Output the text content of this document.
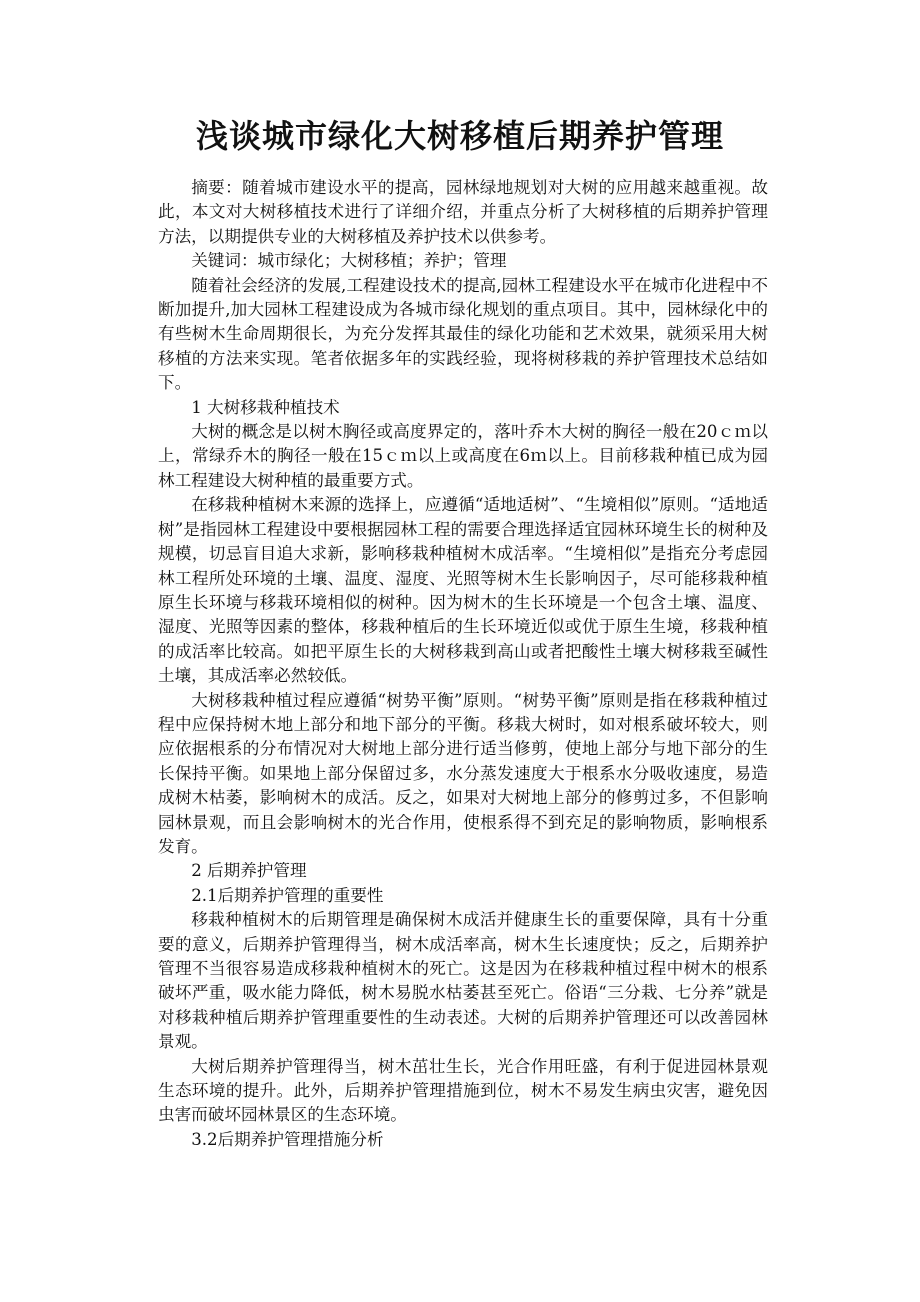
浅谈城市绿化大树移植后期养护管理

摘要：随着城市建设水平的提高，园林绿地规划对大树的应用越来越重视。故此，本文对大树移植技术进行了详细介绍，并重点分析了大树移植的后期养护管理方法，以期提供专业的大树移植及养护技术以供参考。

关键词：城市绿化；大树移植；养护；管理

随着社会经济的发展,工程建设技术的提高,园林工程建设水平在城市化进程中不断加提升,加大园林工程建设成为各城市绿化规划的重点项目。其中，园林绿化中的有些树木生命周期很长，为充分发挥其最佳的绿化功能和艺术效果，就须采用大树移植的方法来实现。笔者依据多年的实践经验，现将树移栽的养护管理技术总结如下。

1 大树移栽种植技术

大树的概念是以树木胸径或高度界定的，落叶乔木大树的胸径一般在20ｃｍ以上，常绿乔木的胸径一般在15ｃｍ以上或高度在6ｍ以上。目前移栽种植已成为园林工程建设大树种植的最重要方式。

在移栽种植树木来源的选择上，应遵循“适地适树”、“生境相似”原则。“适地适树”是指园林工程建设中要根据园林工程的需要合理选择适宜园林环境生长的树种及规模，切忌盲目追大求新，影响移栽种植树木成活率。“生境相似”是指充分考虑园林工程所处环境的土壤、温度、湿度、光照等树木生长影响因子，尽可能移栽种植原生长环境与移栽环境相似的树种。因为树木的生长环境是一个包含土壤、温度、湿度、光照等因素的整体，移栽种植后的生长环境近似或优于原生生境，移栽种植的成活率比较高。如把平原生长的大树移栽到高山或者把酸性土壤大树移栽至碱性土壤，其成活率必然较低。

大树移栽种植过程应遵循“树势平衡”原则。“树势平衡”原则是指在移栽种植过程中应保持树木地上部分和地下部分的平衡。移栽大树时，如对根系破坏较大，则应依据根系的分布情况对大树地上部分进行适当修剪，使地上部分与地下部分的生长保持平衡。如果地上部分保留过多，水分蒸发速度大于根系水分吸收速度，易造成树木枯萎，影响树木的成活。反之，如果对大树地上部分的修剪过多，不但影响园林景观，而且会影响树木的光合作用，使根系得不到充足的影响物质，影响根系发育。

2 后期养护管理

2.1后期养护管理的重要性

移栽种植树木的后期管理是确保树木成活并健康生长的重要保障，具有十分重要的意义，后期养护管理得当，树木成活率高，树木生长速度快；反之，后期养护管理不当很容易造成移栽种植树木的死亡。这是因为在移栽种植过程中树木的根系破坏严重，吸水能力降低，树木易脱水枯萎甚至死亡。俗语“三分栽、七分养”就是对移栽种植后期养护管理重要性的生动表述。大树的后期养护管理还可以改善园林景观。

大树后期养护管理得当，树木茁壮生长，光合作用旺盛，有利于促进园林景观生态环境的提升。此外，后期养护管理措施到位，树木不易发生病虫灾害，避免因虫害而破坏园林景区的生态环境。

3.2后期养护管理措施分析
